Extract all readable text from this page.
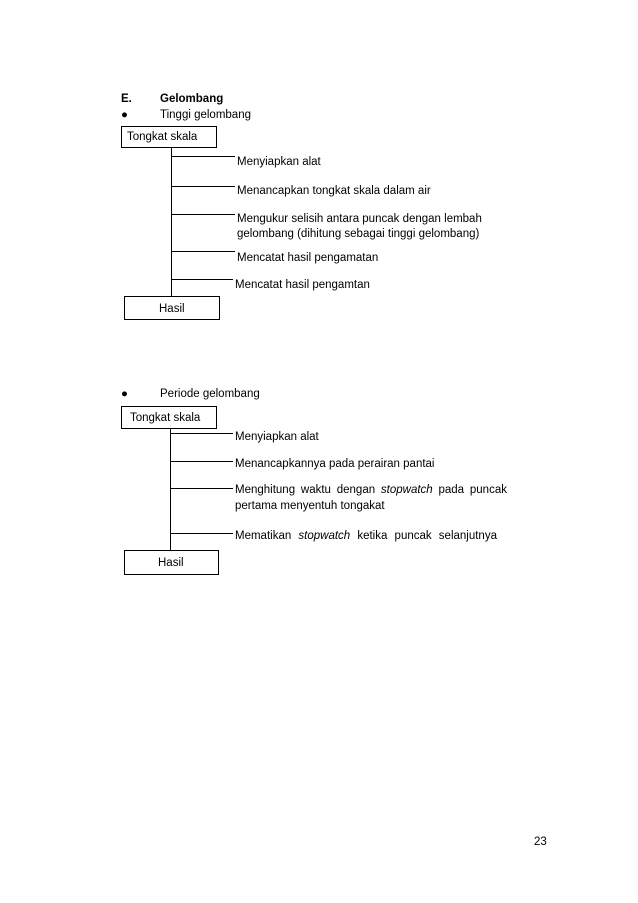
E. Gelombang
●	Tinggi gelombang
Tongkat skala
Menyiapkan alat
Menancapkan tongkat skala dalam air
Mengukur selisih antara puncak dengan lembah
gelombang (dihitung sebagai tinggi gelombang)
Mencatat hasil pengamatan
Mencatat hasil pengamtan
Hasil
●	Periode gelombang
Tongkat skala
Menyiapkan alat
Menancapkannya pada perairan pantai
Menghitung waktu dengan stopwatch pada puncak
pertama menyentuh tongakat
Mematikan stopwatch ketika puncak selanjutnya
Hasil
23
